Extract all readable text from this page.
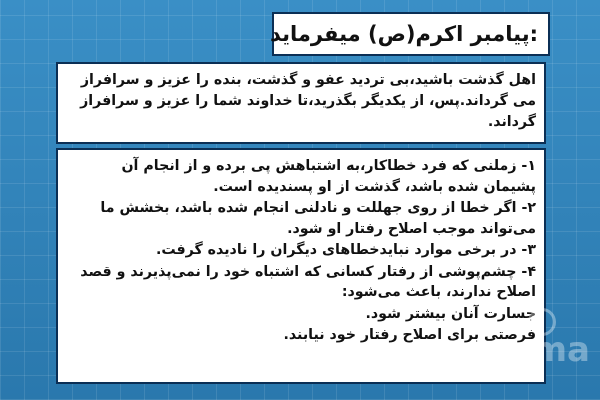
:پیامبر اکرم(ص) میفرماید

اهل گذشت باشید،بی تردید عفو و گذشت، بنده را عزیز و سرافراز می گرداند.پس، از یکدیگر بگذرید،تا خداوند شما را عزیز و سرافراز گرداند.

۱- زملنی که فرد خطاکار،به اشتباهش پی برده و از انجام آن پشیمان شده باشد، گذشت از او پسندیده است.

۲- اگر خطا از روی جهللت و نادلنی انجام شده باشد، بخشش ما می‌تواند موجب اصلاح رفتار او شود.

۳- در برخی موارد نبایدخطاهای دیگران را نادیده گرفت.

۴- چشم‌پوشی از رفتار کسانی که اشتباه خود را نمی‌پذیرند و قصد اصلاح ندارند، باعث می‌شود:

جسارت آنان بیشتر شود.

فرصتی برای اصلاح رفتار خود نیابند.

oma
